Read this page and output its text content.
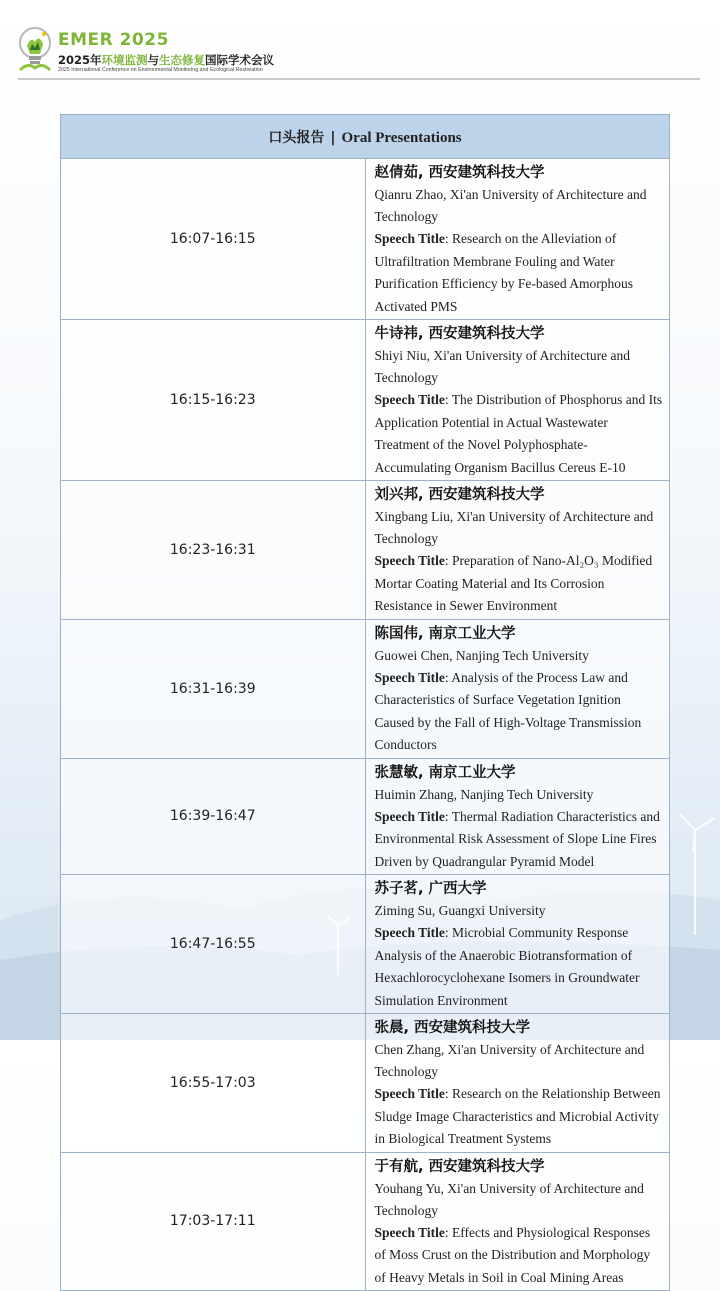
EMER 2025
2025年环境监测与生态修复国际学术会议
2025 International Conference on Environmental Monitoring and Ecological Restoration
口头报告 | Oral Presentations	
16:07-16:15	赵倩茹, 西安建筑科技大学
Qianru Zhao, Xi'an University of Architecture and Technology
Speech Title: Research on the Alleviation of Ultrafiltration Membrane Fouling and Water Purification Efficiency by Fe-based Amorphous Activated PMS

16:15-16:23	牛诗祎, 西安建筑科技大学
Shiyi Niu, Xi'an University of Architecture and Technology
Speech Title: The Distribution of Phosphorus and Its Application Potential in Actual Wastewater Treatment of the Novel Polyphosphate-Accumulating Organism Bacillus Cereus E-10

16:23-16:31	刘兴邦, 西安建筑科技大学
Xingbang Liu, Xi'an University of Architecture and Technology
Speech Title: Preparation of Nano-Al₂O₃ Modified Mortar Coating Material and Its Corrosion Resistance in Sewer Environment

16:31-16:39	陈国伟, 南京工业大学
Guowei Chen, Nanjing Tech University
Speech Title: Analysis of the Process Law and Characteristics of Surface Vegetation Ignition Caused by the Fall of High-Voltage Transmission Conductors

16:39-16:47	张慧敏, 南京工业大学
Huimin Zhang, Nanjing Tech University
Speech Title: Thermal Radiation Characteristics and Environmental Risk Assessment of Slope Line Fires Driven by Quadrangular Pyramid Model

16:47-16:55	苏子茗, 广西大学
Ziming Su, Guangxi University
Speech Title: Microbial Community Response Analysis of the Anaerobic Biotransformation of Hexachlorocyclohexane Isomers in Groundwater Simulation Environment

16:55-17:03	张晨, 西安建筑科技大学
Chen Zhang, Xi'an University of Architecture and Technology
Speech Title: Research on the Relationship Between Sludge Image Characteristics and Microbial Activity in Biological Treatment Systems

17:03-17:11	于有航, 西安建筑科技大学
Youhang Yu, Xi'an University of Architecture and Technology
Speech Title: Effects and Physiological Responses of Moss Crust on the Distribution and Morphology of Heavy Metals in Soil in Coal Mining Areas
